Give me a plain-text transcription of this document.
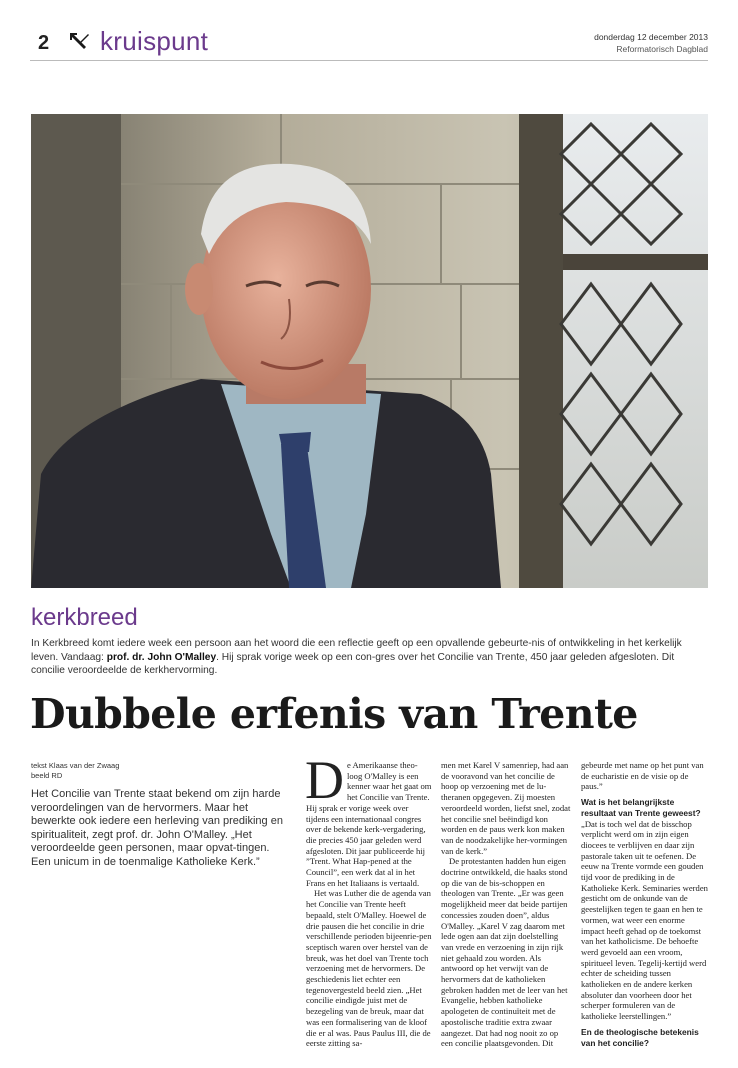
2 kruispunt	donderdag 12 december 2013
Reformatorisch Dagblad
kerkbreed

In Kerkbreed komt iedere week een persoon aan het woord die een reflectie geeft op een opvallende gebeurte-nis of ontwikkeling in het kerkelijk leven. Vandaag: prof. dr. John O'Malley. Hij sprak vorige week op een con-gres over het Concilie van Trente, 450 jaar geleden afgesloten. Dit concilie veroordeelde de kerkhervorming.

Dubbele erfenis van Trente
tekst Klaas van der Zwaag
beeld RD

Het Concilie van Trente staat bekend om zijn harde veroordelingen van de hervormers. Maar het bewerkte ook iedere een herleving van prediking en spiritualiteit, zegt prof. dr. John O'Malley. „Het veroordeelde geen personen, maar opvat-tingen. Een unicum in de toenmalige Katholieke Kerk.”

D e Amerikaanse theo-loog O'Malley is een kenner waar het gaat om het Concilie van Trente. Hij sprak er vorige week over tijdens een internationaal congres over de bekende kerk-vergadering, die precies 450 jaar geleden werd afgesloten. Dit jaar publiceerde hij ”Trent. What Hap-pened at the Council”, een werk dat al in het Frans en het Italiaans is vertaald.

Het was Luther die de agenda van het Concilie van Trente heeft bepaald, stelt O'Malley. Hoewel de drie pausen die het concilie in drie verschillende perioden bijeenrie-pen sceptisch waren over herstel van de breuk, was het doel van Trente toch verzoening met de hervormers. De geschiedenis liet echter een tegenovergesteld beeld zien. „Het concilie eindigde juist met de bezegeling van de breuk, maar dat was een formalisering van de kloof die er al was. Paus Paulus III, die de eerste zitting sa-

men met Karel V samenriep, had aan de vooravond van het concilie de hoop op verzoening met de lu-theranen opgegeven. Zij moesten veroordeeld worden, liefst snel, zodat het concilie snel beëindigd kon worden en de paus werk kon maken van de noodzakelijke her-vormingen van de kerk.”

De protestanten hadden hun eigen doctrine ontwikkeld, die haaks stond op die van de bis-schoppen en theologen van Trente. „Er was geen mogelijkheid meer dat beide partijen concessies zouden doen”, aldus O'Malley. „Karel V zag daarom met lede ogen aan dat zijn doelstelling van vrede en verzoening in zijn rijk niet gehaald zou worden. Als antwoord op het verwijt van de hervormers dat de katholieken gebroken hadden met de leer van het Evangelie, hebben katholieke apologeten de continuïteit met de apostolische traditie extra zwaar aangezet. Dat had nog nooit zo op een concilie plaatsgevonden. Dit

gebeurde met name op het punt van de eucharistie en de visie op de paus.”

Wat is het belangrijkste resultaat van Trente geweest?

„Dat is toch wel dat de bisschop verplicht werd om in zijn eigen diocees te verblijven en daar zijn pastorale taken uit te oefenen. De eeuw na Trente vormde een gouden tijd voor de prediking in de Katholieke Kerk. Seminaries werden gesticht om de onkunde van de geestelijken tegen te gaan en hen te vormen, wat weer een enorme impact heeft gehad op de toekomst van het katholicisme. De behoefte werd gevoeld aan een vroom, spiritueel leven. Tegelij-kertijd werd echter de scheiding tussen katholieken en de andere kerken absoluter dan voorheen door het scherper formuleren van de katholieke leerstellingen.”

En de theologische betekenis van het concilie?
